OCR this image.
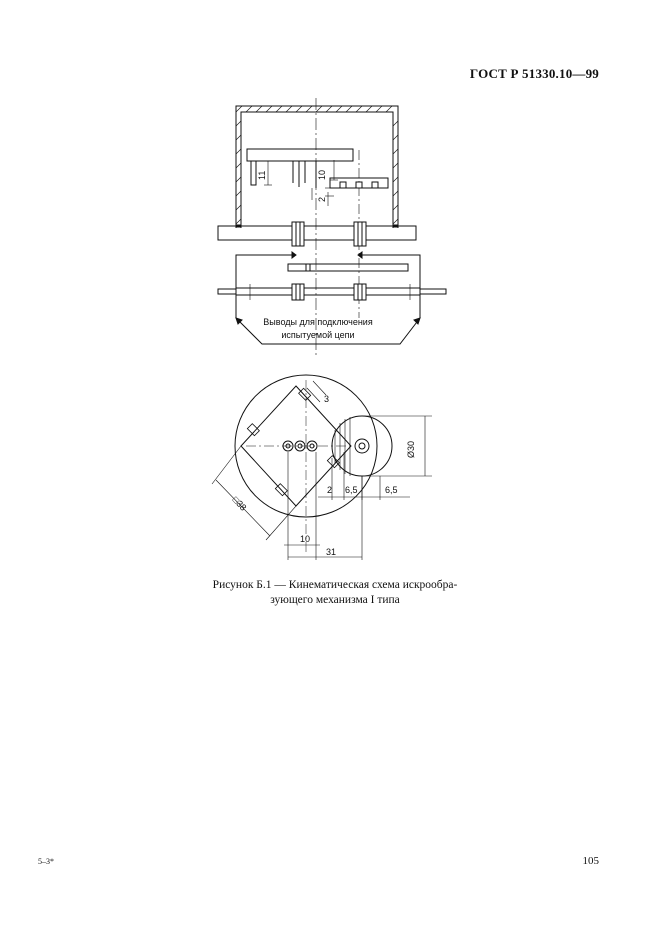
ГОСТ Р 51330.10—99
11	10
2
3
Ø30
2 6,5	6,5
□38
10
31
Выводы для подключения
испытуемой цепи
Рисунок Б.1 — Кинематическая схема искрообра-
зующего механизма I типа
5–3*	105
